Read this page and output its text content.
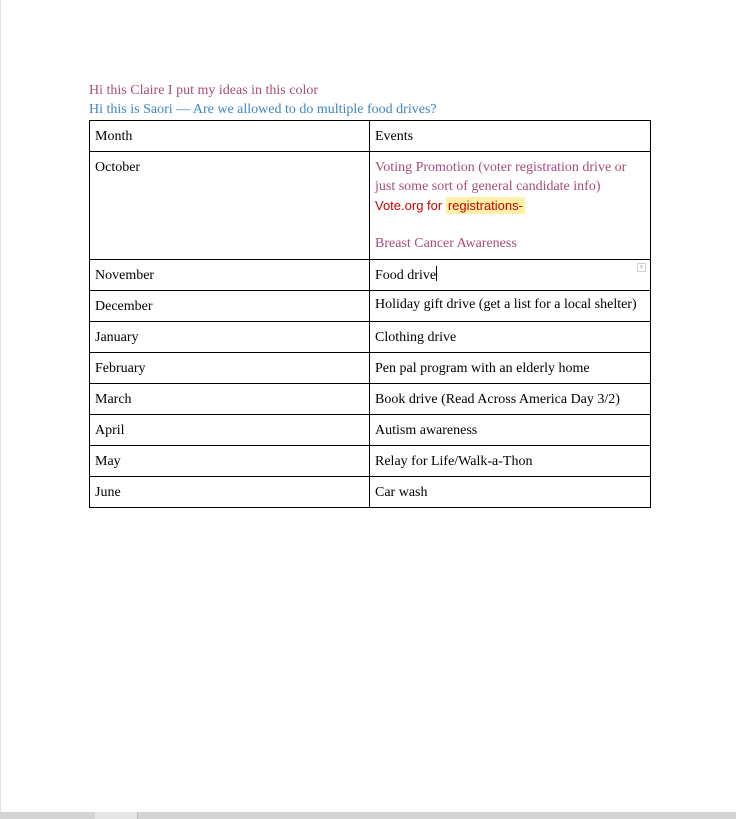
Hi this Claire I put my ideas in this color
Hi this is Saori — Are we allowed to do multiple food drives?
Month	Events
October	Voting Promotion (voter registration drive or just some sort of general candidate info)
Vote.org for registrations-
Breast Cancer Awareness

November	Food drive
▾

December	Holiday gift drive (get a list for a local shelter)
January	Clothing drive
February	Pen pal program with an elderly home
March	Book drive (Read Across America Day 3/2)
April	Autism awareness
May	Relay for Life/Walk-a-Thon
June	Car wash
